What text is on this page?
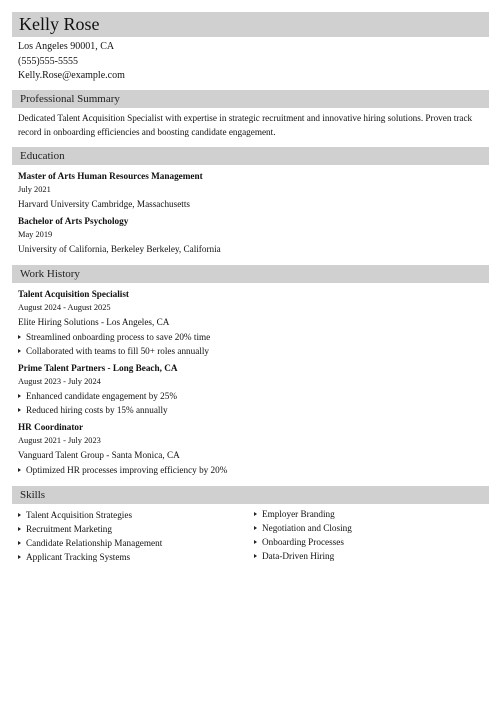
Kelly Rose
Los Angeles 90001, CA
(555)555-5555
Kelly.Rose@example.com
Professional Summary
Dedicated Talent Acquisition Specialist with expertise in strategic recruitment and innovative hiring solutions. Proven track record in onboarding efficiencies and boosting candidate engagement.
Education
Master of Arts Human Resources Management
July 2021
Harvard University Cambridge, Massachusetts
Bachelor of Arts Psychology
May 2019
University of California, Berkeley Berkeley, California
Work History
Talent Acquisition Specialist
August 2024 - August 2025
Elite Hiring Solutions - Los Angeles, CA
Streamlined onboarding process to save 20% time
Collaborated with teams to fill 50+ roles annually
Prime Talent Partners - Long Beach, CA
August 2023 - July 2024
Enhanced candidate engagement by 25%
Reduced hiring costs by 15% annually
HR Coordinator
August 2021 - July 2023
Vanguard Talent Group - Santa Monica, CA
Optimized HR processes improving efficiency by 20%
Skills
Talent Acquisition Strategies
Recruitment Marketing
Candidate Relationship Management
Applicant Tracking Systems
Employer Branding
Negotiation and Closing
Onboarding Processes
Data-Driven Hiring
